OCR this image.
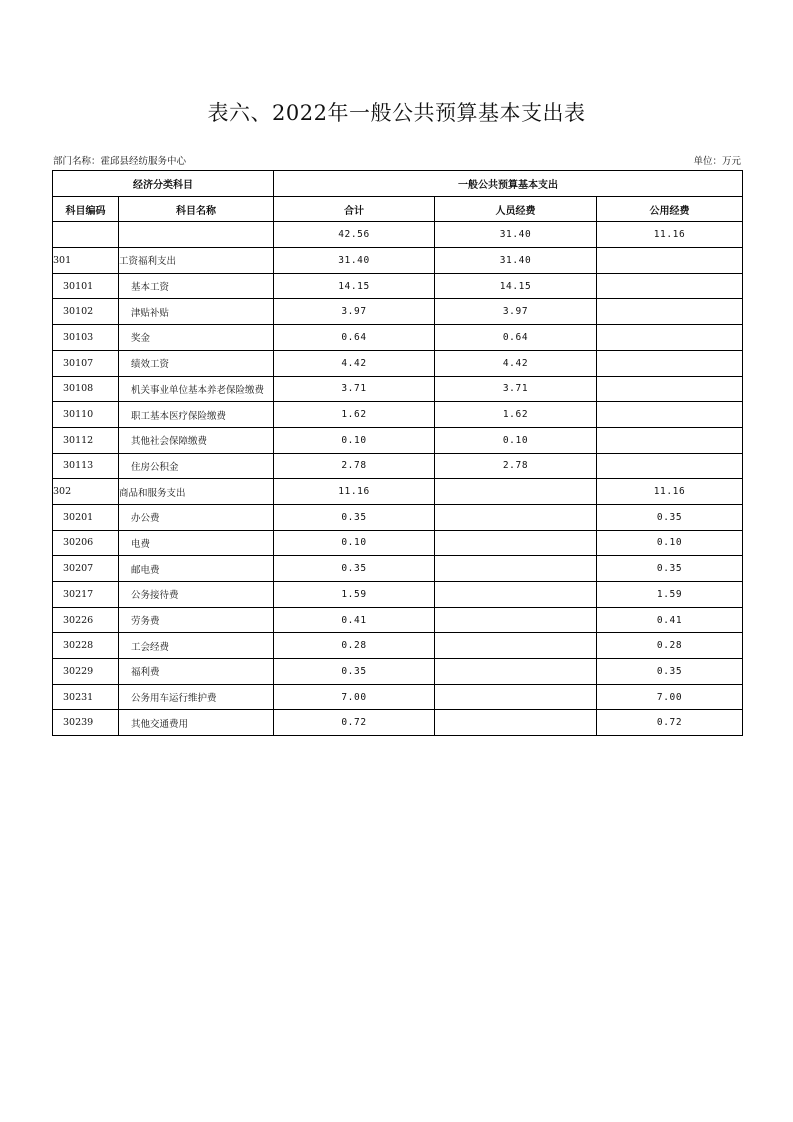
表六、2022年一般公共预算基本支出表
部门名称：霍邱县经纺服务中心	单位：万元
经济分类科目		一般公共预算基本支出		
科目编码	科目名称	合计	人员经费	公用经费
		42.56	31.40	11.16
301	工资福利支出	31.40	31.40	
30101	基本工资	14.15	14.15	
30102	津贴补贴	3.97	3.97	
30103	奖金	0.64	0.64	
30107	绩效工资	4.42	4.42	
30108	机关事业单位基本养老保险缴费	3.71	3.71	
30110	职工基本医疗保险缴费	1.62	1.62	
30112	其他社会保障缴费	0.10	0.10	
30113	住房公积金	2.78	2.78	
302	商品和服务支出	11.16		11.16
30201	办公费	0.35		0.35
30206	电费	0.10		0.10
30207	邮电费	0.35		0.35
30217	公务接待费	1.59		1.59
30226	劳务费	0.41		0.41
30228	工会经费	0.28		0.28
30229	福利费	0.35		0.35
30231	公务用车运行维护费	7.00		7.00
30239	其他交通费用	0.72		0.72
